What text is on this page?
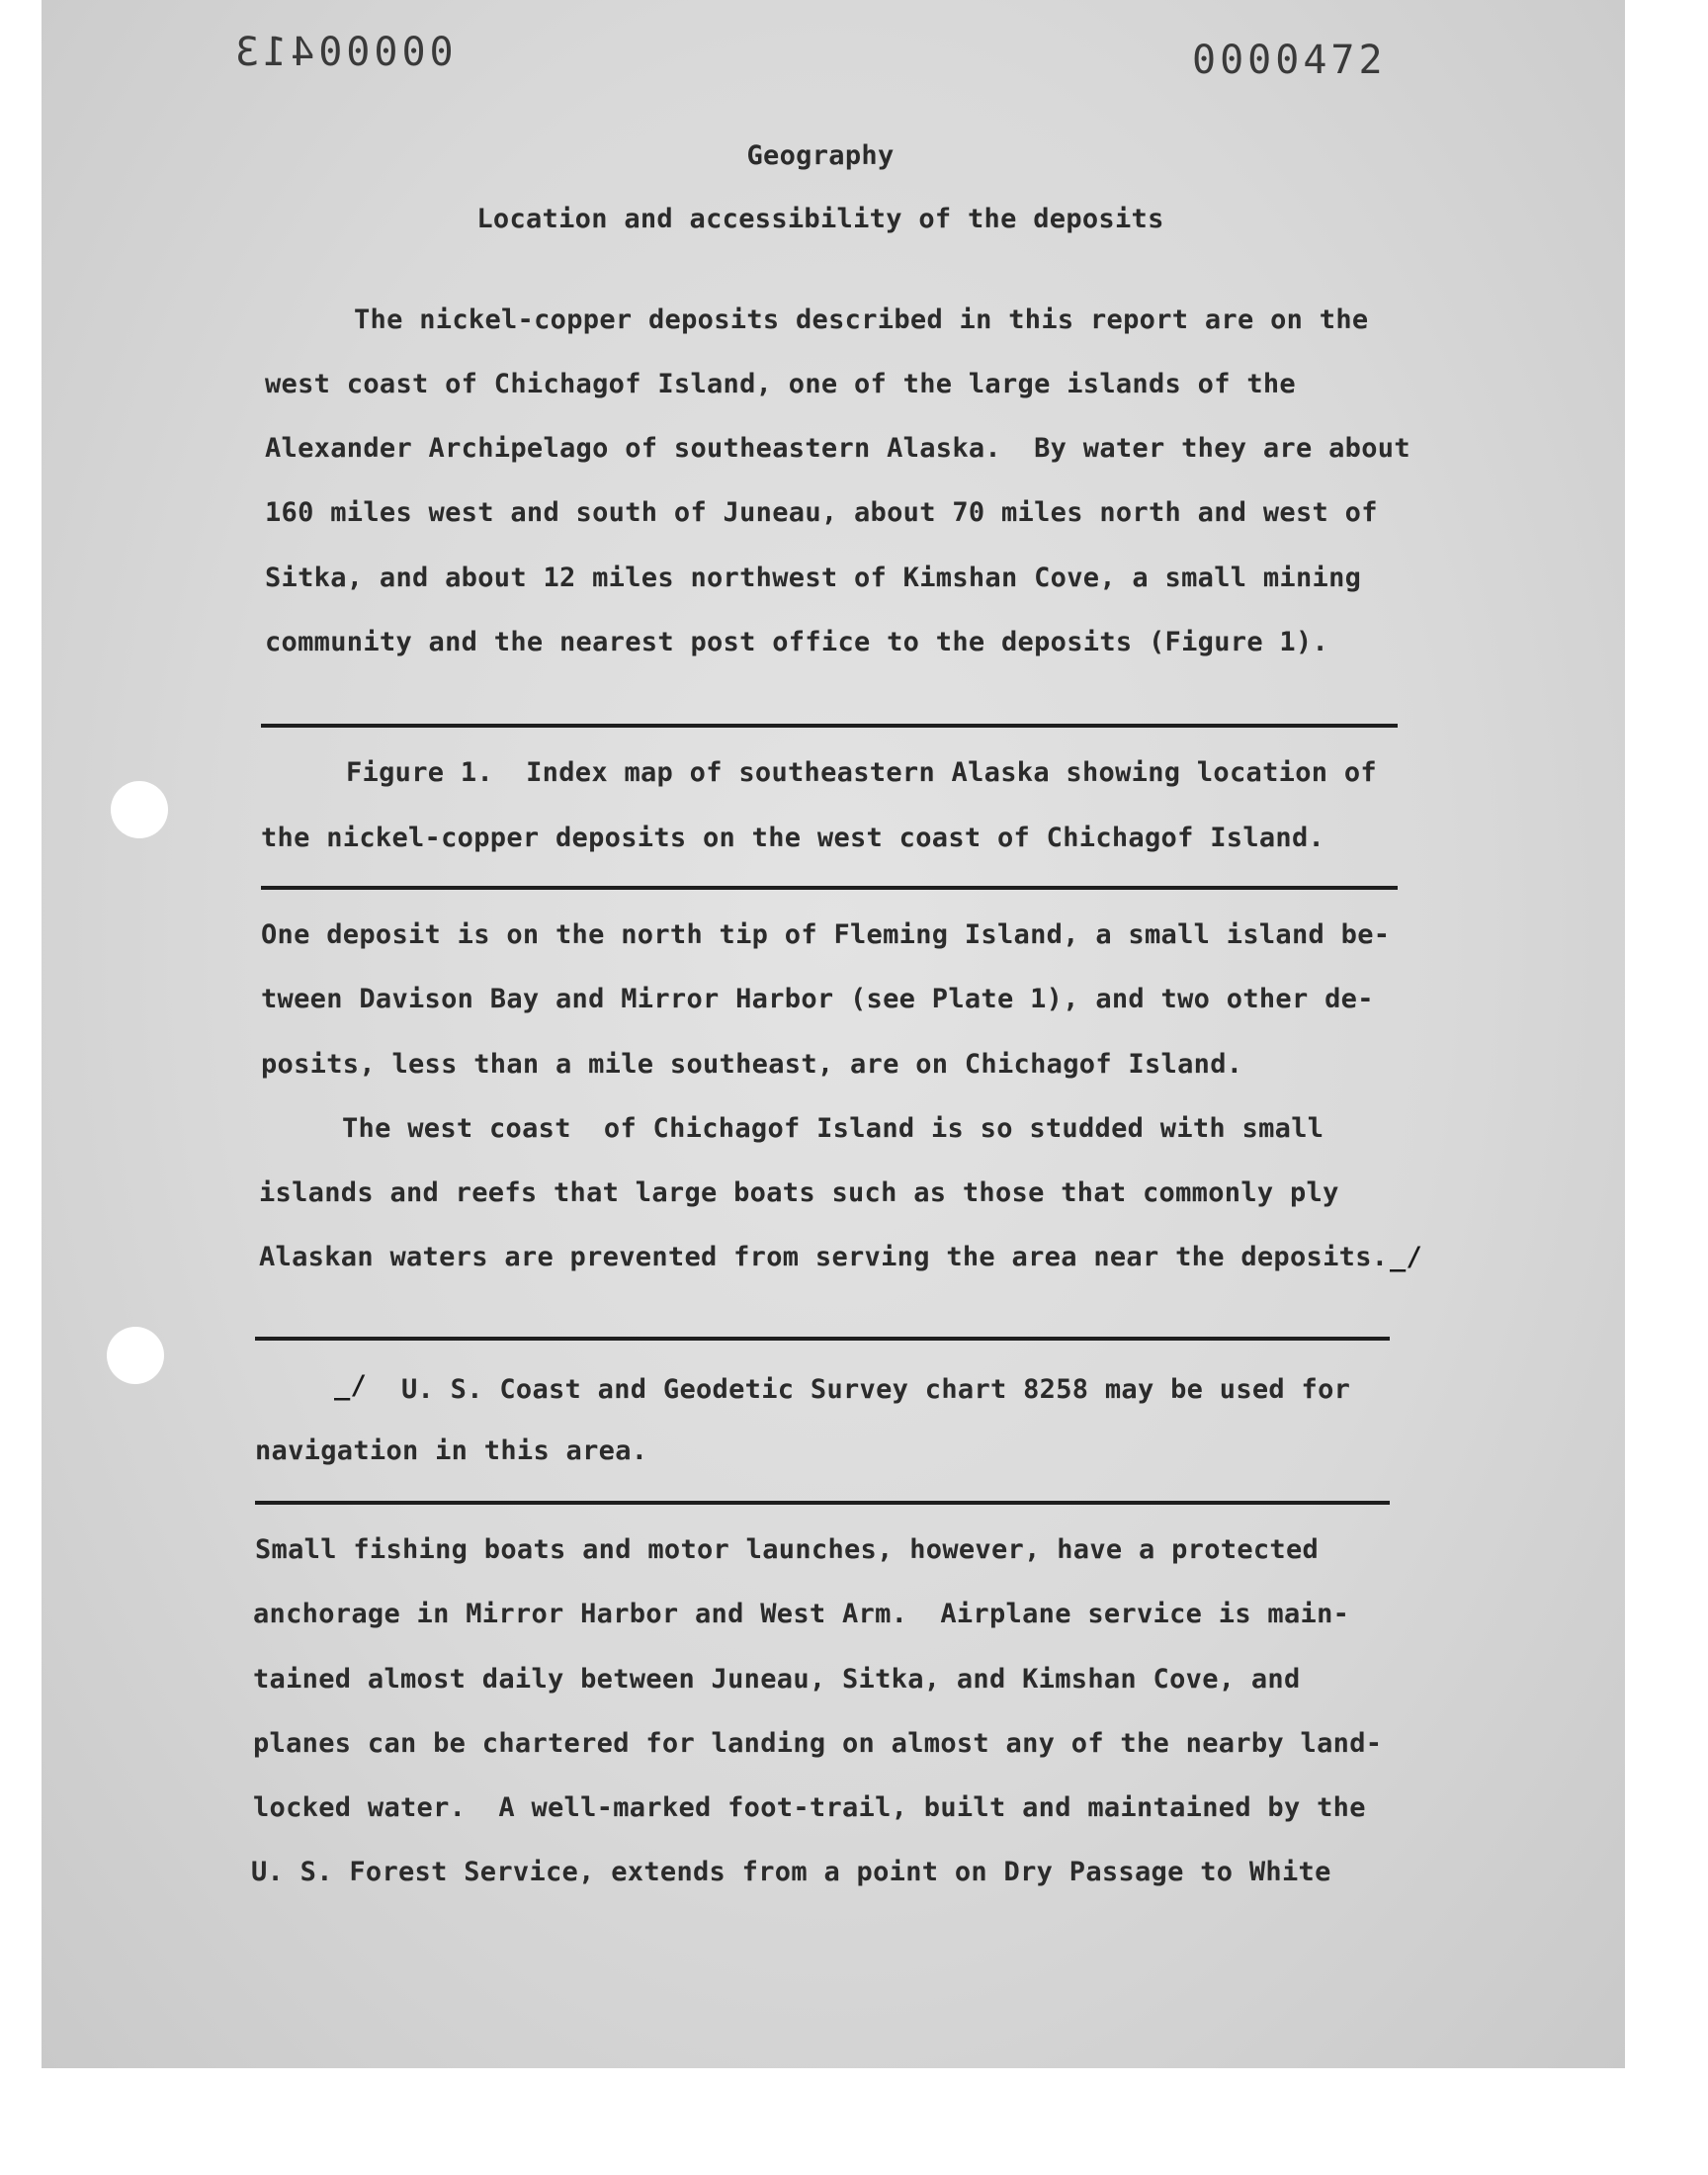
00000413	0000472
Geography
Location and accessibility of the deposits
The nickel-copper deposits described in this report are on the
west coast of Chichagof Island, one of the large islands of the
Alexander Archipelago of southeastern Alaska.  By water they are about
160 miles west and south of Juneau, about 70 miles north and west of
Sitka, and about 12 miles northwest of Kimshan Cove, a small mining
community and the nearest post office to the deposits (Figure 1).
Figure 1.  Index map of southeastern Alaska showing location of
the nickel-copper deposits on the west coast of Chichagof Island.
One deposit is on the north tip of Fleming Island, a small island be-
tween Davison Bay and Mirror Harbor (see Plate 1), and two other de-
posits, less than a mile southeast, are on Chichagof Island.
The west coast  of Chichagof Island is so studded with small
islands and reefs that large boats such as those that commonly ply
Alaskan waters are prevented from serving the area near the deposits. _/
_/ U. S. Coast and Geodetic Survey chart 8258 may be used for
navigation in this area.
Small fishing boats and motor launches, however, have a protected
anchorage in Mirror Harbor and West Arm.  Airplane service is main-
tained almost daily between Juneau, Sitka, and Kimshan Cove, and
planes can be chartered for landing on almost any of the nearby land-
locked water.  A well-marked foot-trail, built and maintained by the
U. S. Forest Service, extends from a point on Dry Passage to White
